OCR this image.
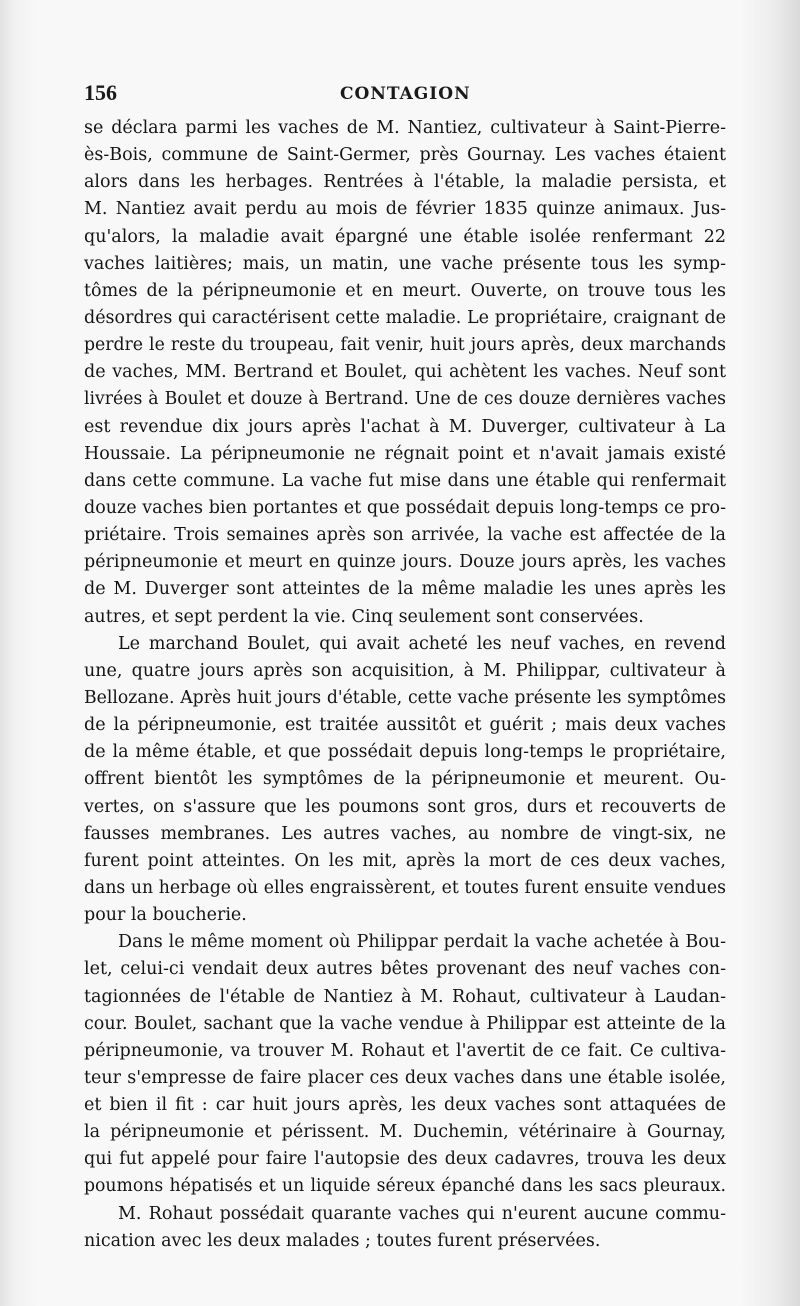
156	CONTAGION
se déclara parmi les vaches de M. Nantiez, cultivateur à Saint-Pierre-
ès-Bois, commune de Saint-Germer, près Gournay. Les vaches étaient
alors dans les herbages. Rentrées à l'étable, la maladie persista, et
M. Nantiez avait perdu au mois de février 1835 quinze animaux. Jus-
qu'alors, la maladie avait épargné une étable isolée renfermant 22
vaches laitières; mais, un matin, une vache présente tous les symp-
tômes de la péripneumonie et en meurt. Ouverte, on trouve tous les
désordres qui caractérisent cette maladie. Le propriétaire, craignant de
perdre le reste du troupeau, fait venir, huit jours après, deux marchands
de vaches, MM. Bertrand et Boulet, qui achètent les vaches. Neuf sont
livrées à Boulet et douze à Bertrand. Une de ces douze dernières vaches
est revendue dix jours après l'achat à M. Duverger, cultivateur à La
Houssaie. La péripneumonie ne régnait point et n'avait jamais existé
dans cette commune. La vache fut mise dans une étable qui renfermait
douze vaches bien portantes et que possédait depuis long-temps ce pro-
priétaire. Trois semaines après son arrivée, la vache est affectée de la
péripneumonie et meurt en quinze jours. Douze jours après, les vaches
de M. Duverger sont atteintes de la même maladie les unes après les
autres, et sept perdent la vie. Cinq seulement sont conservées.
Le marchand Boulet, qui avait acheté les neuf vaches, en revend
une, quatre jours après son acquisition, à M. Philippar, cultivateur à
Bellozane. Après huit jours d'étable, cette vache présente les symptômes
de la péripneumonie, est traitée aussitôt et guérit ; mais deux vaches
de la même étable, et que possédait depuis long-temps le propriétaire,
offrent bientôt les symptômes de la péripneumonie et meurent. Ou-
vertes, on s'assure que les poumons sont gros, durs et recouverts de
fausses membranes. Les autres vaches, au nombre de vingt-six, ne
furent point atteintes. On les mit, après la mort de ces deux vaches,
dans un herbage où elles engraissèrent, et toutes furent ensuite vendues
pour la boucherie.
Dans le même moment où Philippar perdait la vache achetée à Bou-
let, celui-ci vendait deux autres bêtes provenant des neuf vaches con-
tagionnées de l'étable de Nantiez à M. Rohaut, cultivateur à Laudan-
cour. Boulet, sachant que la vache vendue à Philippar est atteinte de la
péripneumonie, va trouver M. Rohaut et l'avertit de ce fait. Ce cultiva-
teur s'empresse de faire placer ces deux vaches dans une étable isolée,
et bien il fit : car huit jours après, les deux vaches sont attaquées de
la péripneumonie et périssent. M. Duchemin, vétérinaire à Gournay,
qui fut appelé pour faire l'autopsie des deux cadavres, trouva les deux
poumons hépatisés et un liquide séreux épanché dans les sacs pleuraux.
M. Rohaut possédait quarante vaches qui n'eurent aucune commu-
nication avec les deux malades ; toutes furent préservées.
